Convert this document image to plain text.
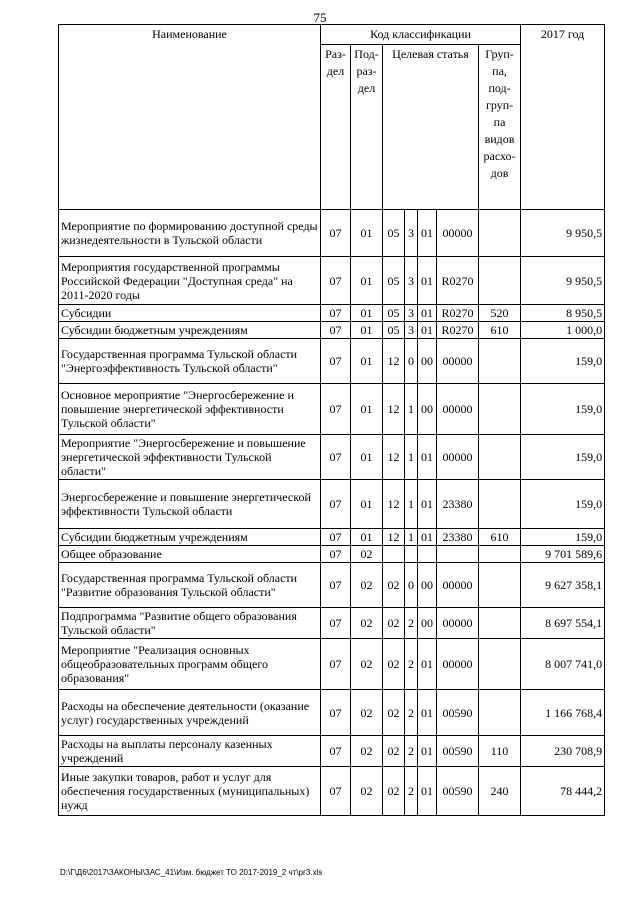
75
Наименование	Код классификации							2017 год
	Раз-дел	Под-раз-дел	Целевая статья				Груп-па, под-груп-па видов расхо-дов	
Мероприятие по формированию доступной среды жизнедеятельности в Тульской области	07	01	05	3	01	00000		9 950,5
Мероприятия государственной программы Российской Федерации "Доступная среда" на 2011-2020 годы	07	01	05	3	01	R0270		9 950,5
Субсидии	07	01	05	3	01	R0270	520	8 950,5
Субсидии бюджетным учреждениям	07	01	05	3	01	R0270	610	1 000,0
Государственная программа Тульской области "Энергоэффективность Тульской области"	07	01	12	0	00	00000		159,0
Основное мероприятие "Энергосбережение и повышение энергетической эффективности Тульской области"	07	01	12	1	00	00000		159,0
Мероприятие "Энергосбережение и повышение энергетической эффективности Тульской области"	07	01	12	1	01	00000		159,0
Энергосбережение и повышение энергетической эффективности Тульской области	07	01	12	1	01	23380		159,0
Субсидии бюджетным учреждениям	07	01	12	1	01	23380	610	159,0
Общее образование	07	02						9 701 589,6
Государственная программа Тульской области "Развитие образования Тульской области"	07	02	02	0	00	00000		9 627 358,1
Подпрограмма "Развитие общего образования Тульской области"	07	02	02	2	00	00000		8 697 554,1
Мероприятие "Реализация основных общеобразовательных программ общего образования"	07	02	02	2	01	00000		8 007 741,0
Расходы на обеспечение деятельности (оказание услуг) государственных учреждений	07	02	02	2	01	00590		1 166 768,4
Расходы на выплаты персоналу казенных учреждений	07	02	02	2	01	00590	110	230 708,9
Иные закупки товаров, работ и услуг для обеспечения государственных (муниципальных) нужд	07	02	02	2	01	00590	240	78 444,2
D:\Г\Д6\2017\ЗАКОНЫ\ЗАС_41\Изм. бюджет ТО 2017-2019_2 чт\рг3.xls
